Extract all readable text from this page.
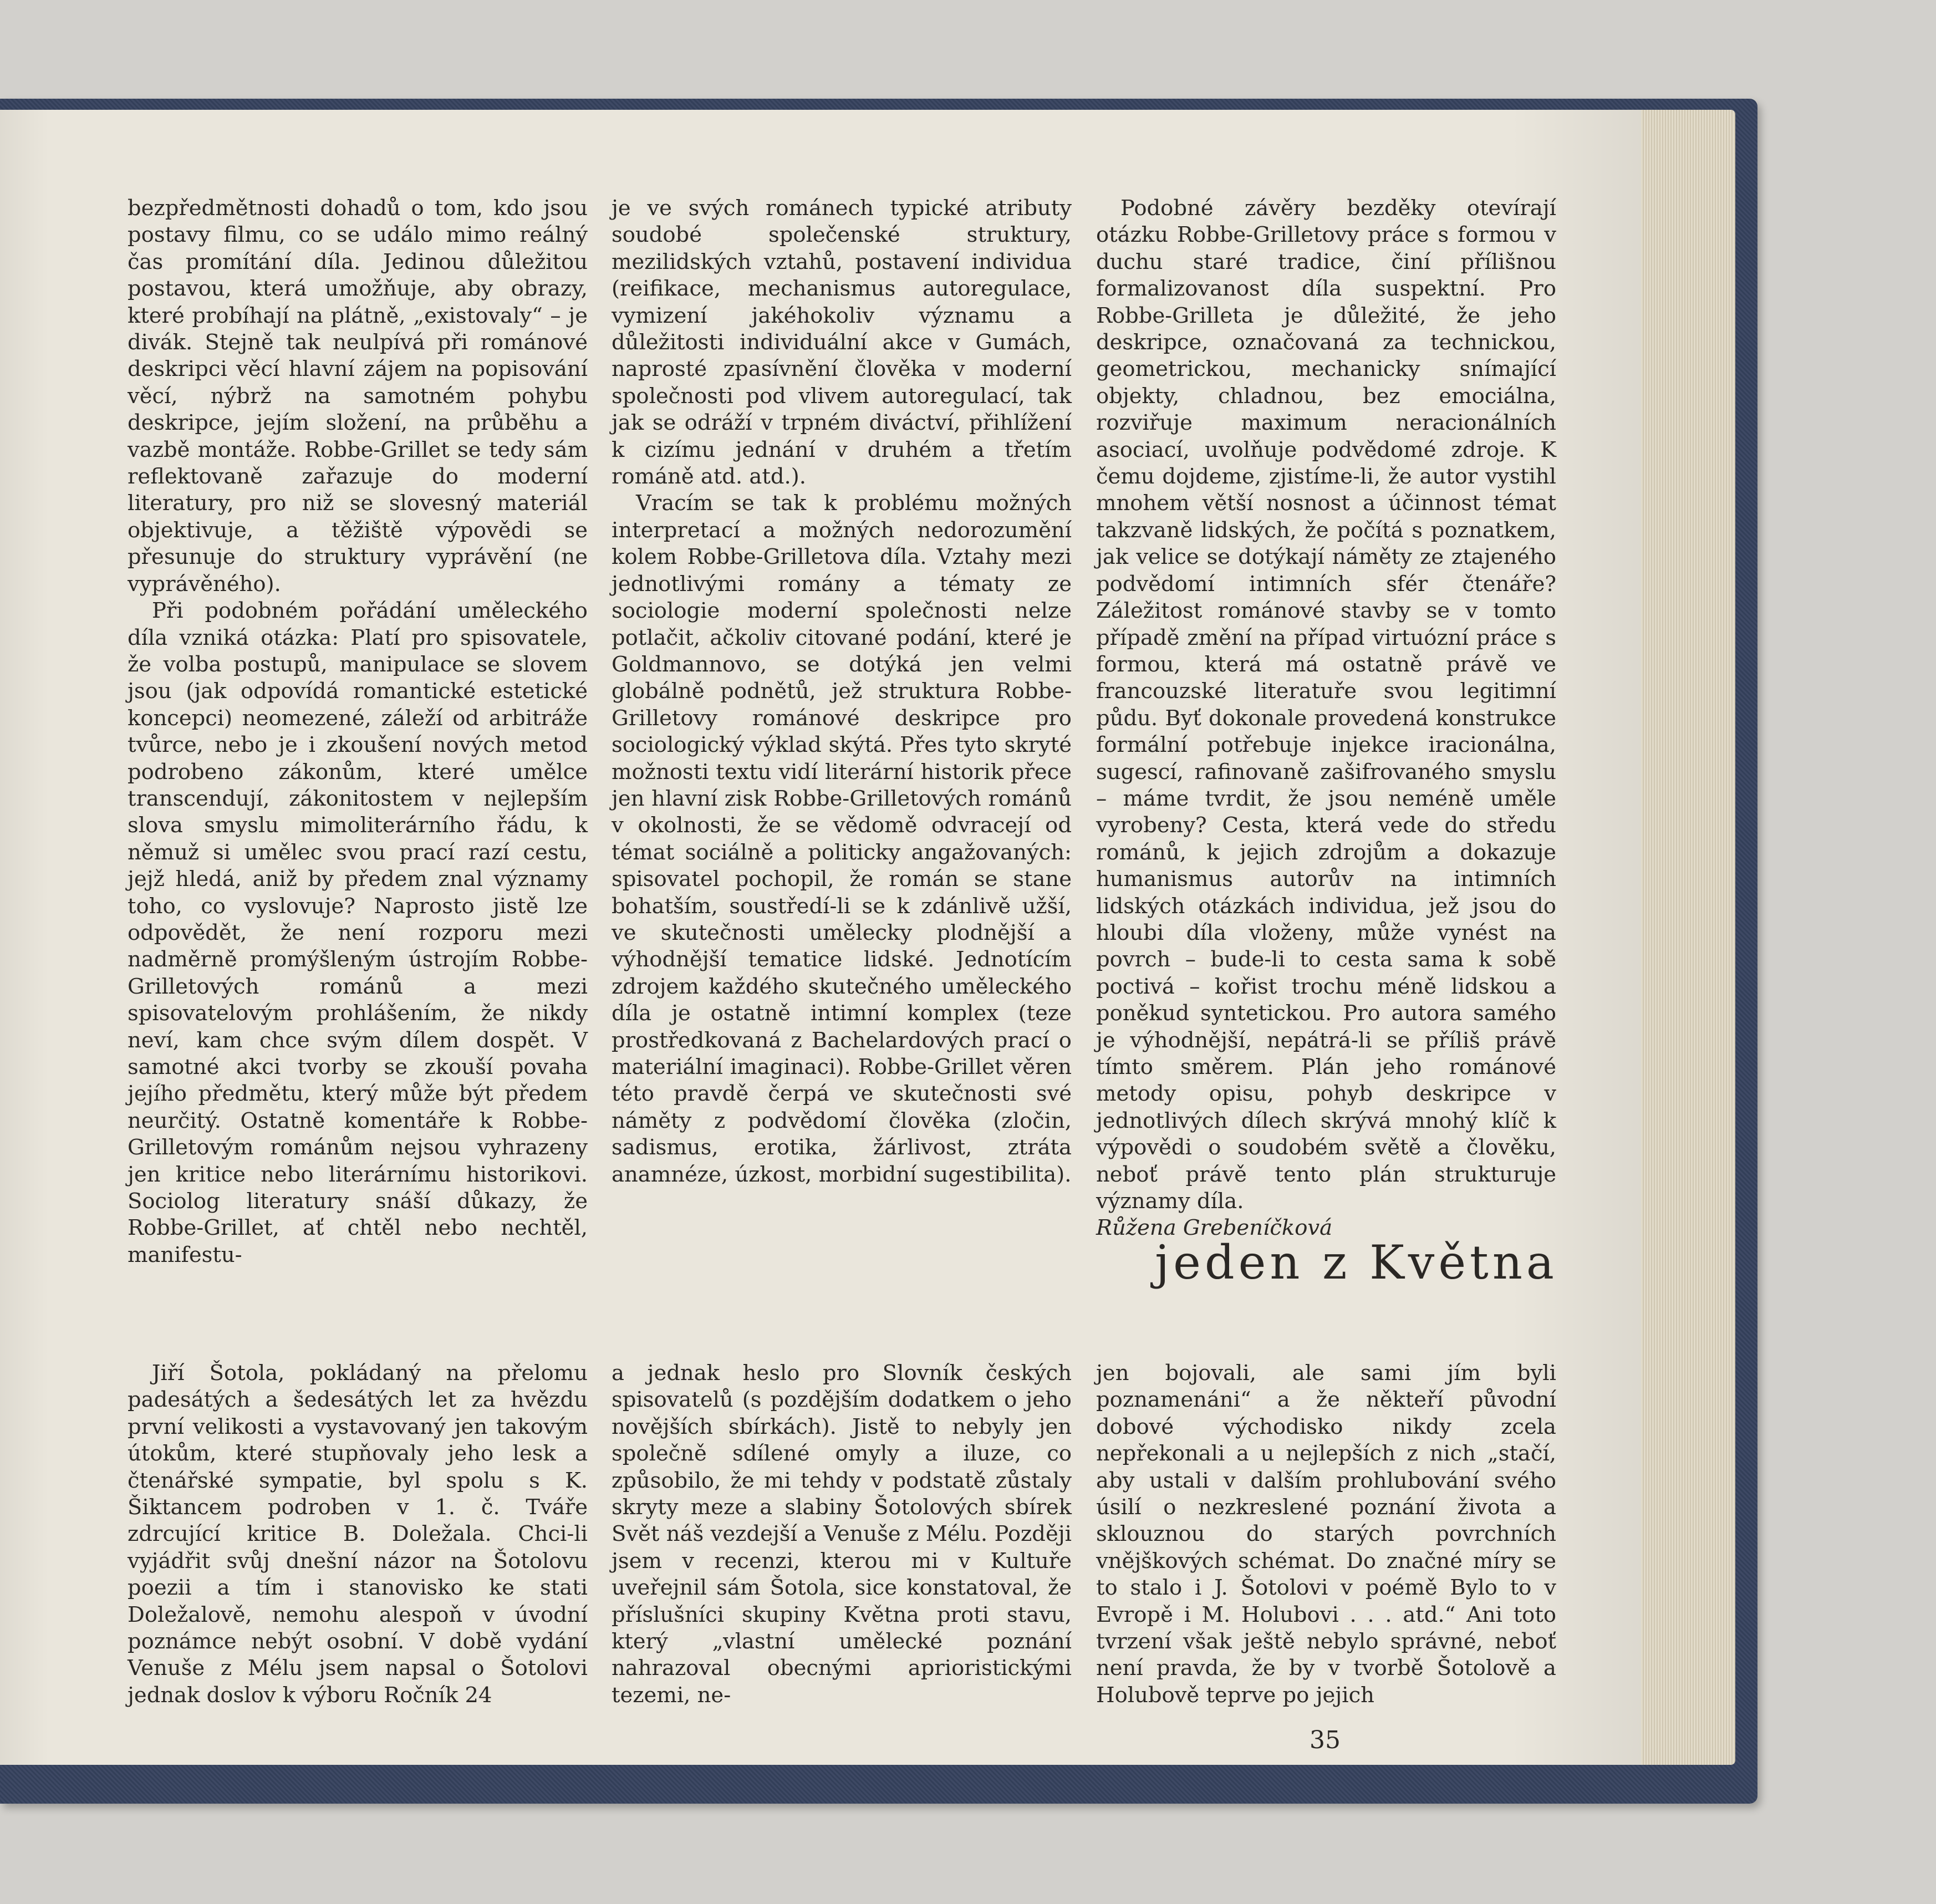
bezpředmětnosti dohadů o tom, kdo jsou postavy filmu, co se událo mimo reálný čas promítání díla. Jedinou důležitou postavou, která umožňuje, aby obrazy, které probíhají na plátně, „existovaly“ – je divák. Stejně tak neulpívá při románové deskripci věcí hlavní zájem na popisování věcí, nýbrž na samotném pohybu deskripce, jejím složení, na průběhu a vazbě montáže. Robbe-Grillet se tedy sám reflektovaně zařazuje do moderní literatury, pro niž se slovesný materiál objektivuje, a těžiště výpovědi se přesunuje do struktury vyprávění (ne vyprávěného).

Při podobném pořádání uměleckého díla vzniká otázka: Platí pro spisovatele, že volba postupů, manipulace se slovem jsou (jak odpovídá romantické estetické koncepci) neomezené, záleží od arbitráže tvůrce, nebo je i zkoušení nových metod podrobeno zákonům, které umělce transcendují, zákonitostem v nejlepším slova smyslu mimoliterárního řádu, k němuž si umělec svou prací razí cestu, jejž hledá, aniž by předem znal významy toho, co vyslovuje? Naprosto jistě lze odpovědět, že není rozporu mezi nadměrně promýšleným ústrojím Robbe-Grilletových románů a mezi spisovatelovým prohlášením, že nikdy neví, kam chce svým dílem dospět. V samotné akci tvorby se zkouší povaha jejího předmětu, který může být předem neurčitý. Ostatně komentáře k Robbe-Grilletovým románům nejsou vyhrazeny jen kritice nebo literárnímu historikovi. Sociolog literatury snáší důkazy, že Robbe-Grillet, ať chtěl nebo nechtěl, manifestu-

je ve svých románech typické atributy soudobé společenské struktury, mezilidských vztahů, postavení individua (reifikace, mechanismus autoregulace, vymizení jakéhokoliv významu a důležitosti individuální akce v Gumách, naprosté zpasívnění člověka v moderní společnosti pod vlivem autoregulací, tak jak se odráží v trpném diváctví, přihlížení k cizímu jednání v druhém a třetím románě atd. atd.).

Vracím se tak k problému možných interpretací a možných nedorozumění kolem Robbe-Grilletova díla. Vztahy mezi jednotlivými romány a tématy ze sociologie moderní společnosti nelze potlačit, ačkoliv citované podání, které je Goldmannovo, se dotýká jen velmi globálně podnětů, jež struktura Robbe-Grilletovy románové deskripce pro sociologický výklad skýtá. Přes tyto skryté možnosti textu vidí literární historik přece jen hlavní zisk Robbe-Grilletových románů v okolnosti, že se vědomě odvracejí od témat sociálně a politicky angažovaných: spisovatel pochopil, že román se stane bohatším, soustředí-li se k zdánlivě užší, ve skutečnosti umělecky plodnější a výhodnější tematice lidské. Jednotícím zdrojem každého skutečného uměleckého díla je ostatně intimní komplex (teze prostředkovaná z Bachelardových prací o materiální imaginaci). Robbe-Grillet věren této pravdě čerpá ve skutečnosti své náměty z podvědomí člověka (zločin, sadismus, erotika, žárlivost, ztráta anamnéze, úzkost, morbidní sugestibilita).

Podobné závěry bezděky otevírají otázku Robbe-Grilletovy práce s formou v duchu staré tradice, činí přílišnou formalizovanost díla suspektní. Pro Robbe-Grilleta je důležité, že jeho deskripce, označovaná za technickou, geometrickou, mechanicky snímající objekty, chladnou, bez emociálna, rozviřuje maximum neracionálních asociací, uvolňuje podvědomé zdroje. K čemu dojdeme, zjistíme-li, že autor vystihl mnohem větší nosnost a účinnost témat takzvaně lidských, že počítá s poznatkem, jak velice se dotýkají náměty ze ztajeného podvědomí intimních sfér čtenáře? Záležitost románové stavby se v tomto případě změní na případ virtuózní práce s formou, která má ostatně právě ve francouzské literatuře svou legitimní půdu. Byť dokonale provedená konstrukce formální potřebuje injekce iracionálna, sugescí, rafinovaně zašifrovaného smyslu – máme tvrdit, že jsou neméně uměle vyrobeny? Cesta, která vede do středu románů, k jejich zdrojům a dokazuje humanismus autorův na intimních lidských otázkách individua, jež jsou do hloubi díla vloženy, může vynést na povrch – bude-li to cesta sama k sobě poctivá – kořist trochu méně lidskou a poněkud syntetickou. Pro autora samého je výhodnější, nepátrá-li se příliš právě tímto směrem. Plán jeho románové metody opisu, pohyb deskripce v jednotlivých dílech skrývá mnohý klíč k výpovědi o soudobém světě a člověku, neboť právě tento plán strukturuje významy díla.

Růžena Grebeníčková

jeden z Května

Jiří Šotola, pokládaný na přelomu padesátých a šedesátých let za hvězdu první velikosti a vystavovaný jen takovým útokům, které stupňovaly jeho lesk a čtenářské sympatie, byl spolu s K. Šiktancem podroben v 1. č. Tváře zdrcující kritice B. Doležala. Chci-li vyjádřit svůj dnešní názor na Šotolovu poezii a tím i stanovisko ke stati Doležalově, nemohu alespoň v úvodní poznámce nebýt osobní. V době vydání Venuše z Mélu jsem napsal o Šotolovi jednak doslov k výboru Ročník 24

a jednak heslo pro Slovník českých spisovatelů (s pozdějším dodatkem o jeho novějších sbírkách). Jistě to nebyly jen společně sdílené omyly a iluze, co způsobilo, že mi tehdy v podstatě zůstaly skryty meze a slabiny Šotolových sbírek Svět náš vezdejší a Venuše z Mélu. Později jsem v recenzi, kterou mi v Kultuře uveřejnil sám Šotola, sice konstatoval, že příslušníci skupiny Května proti stavu, který „vlastní umělecké poznání nahrazoval obecnými aprioristickými tezemi, ne-

jen bojovali, ale sami jím byli poznamenáni“ a že někteří původní dobové východisko nikdy zcela nepřekonali a u nejlepších z nich „stačí, aby ustali v dalším prohlubování svého úsilí o nezkreslené poznání života a sklouznou do starých povrchních vnějškových schémat. Do značné míry se to stalo i J. Šotolovi v poémě Bylo to v Evropě i M. Holubovi . . . atd.“ Ani toto tvrzení však ještě nebylo správné, neboť není pravda, že by v tvorbě Šotolově a Holubově teprve po jejich

35
